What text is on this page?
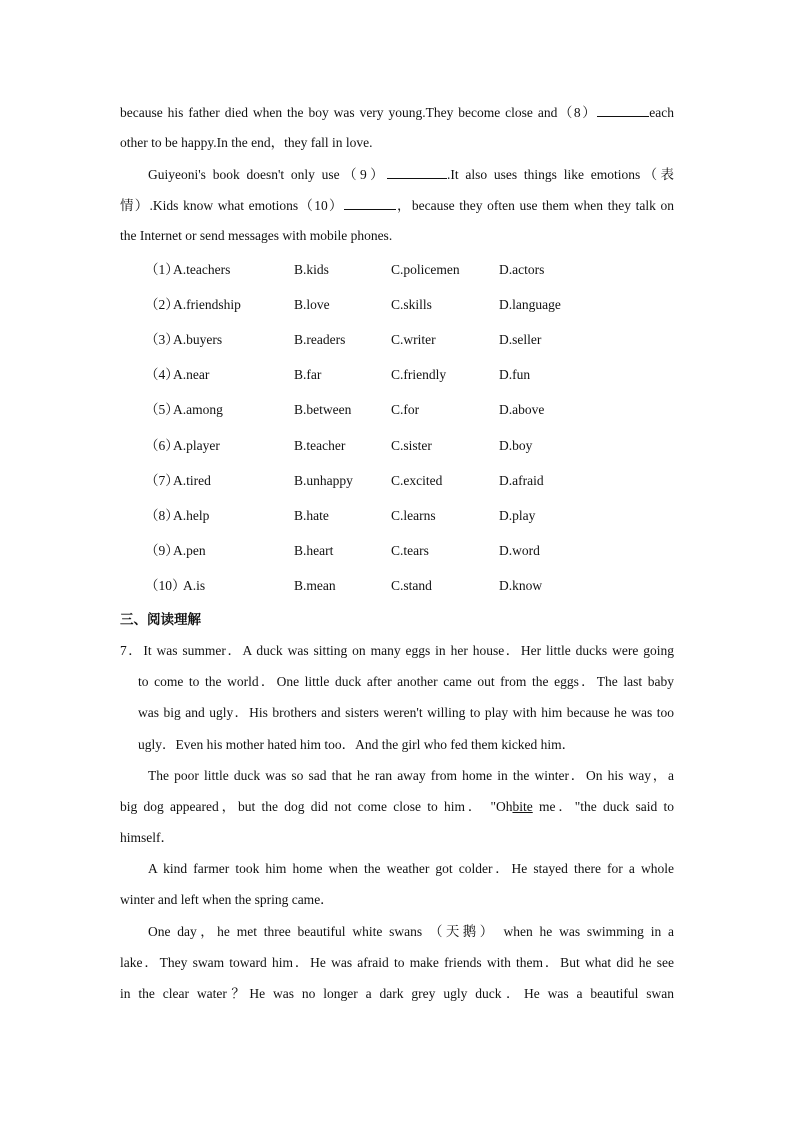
because his father died when the boy was very young.They become close and（8）	each
other to be happy.In the end，they fall in love.
Guiyeoni's book doesn't only use（9）	.It also uses things like emotions（表
情）.Kids know what emotions（10）	，because they often use them when they talk on
the Internet or send messages with mobile phones.
（1）
A.teachers	B.kids	C.policemen	D.actors
（2）
A.friendship	B.love	C.skills	D.language
（3）
A.buyers	B.readers	C.writer	D.seller
（4）
A.near	B.far	C.friendly	D.fun
（5）
A.among	B.between	C.for	D.above
（6）
A.player	B.teacher	C.sister	D.boy
（7）
A.tired	B.unhappy	C.excited	D.afraid
（8）
A.help	B.hate	C.learns	D.play
（9）
A.pen	B.heart	C.tears	D.word
（10）
A.is	B.mean	C.stand	D.know
三、阅读理解
7．It was summer．A duck was sitting on many eggs in her house．Her little ducks were going
to come to the world．One little duck after another came out from the eggs．The last baby
was big and ugly．His brothers and sisters weren't willing to play with him because he was too
ugly．Even his mother hated him too．And the girl who fed them kicked him．
The poor little duck was so sad that he ran away from home in the winter．On his way，a
big dog appeared，but the dog did not come close to him． "Ohbite me．"the duck said to
himself．
A kind farmer took him home when the weather got colder．He stayed there for a whole
winter and left when the spring came．
One day，he met three beautiful white swans （天鹅） when he was swimming in a
lake．They swam toward him．He was afraid to make friends with them．But what did he see
in the clear water？He was no longer a dark grey ugly duck．He was a beautiful swan
